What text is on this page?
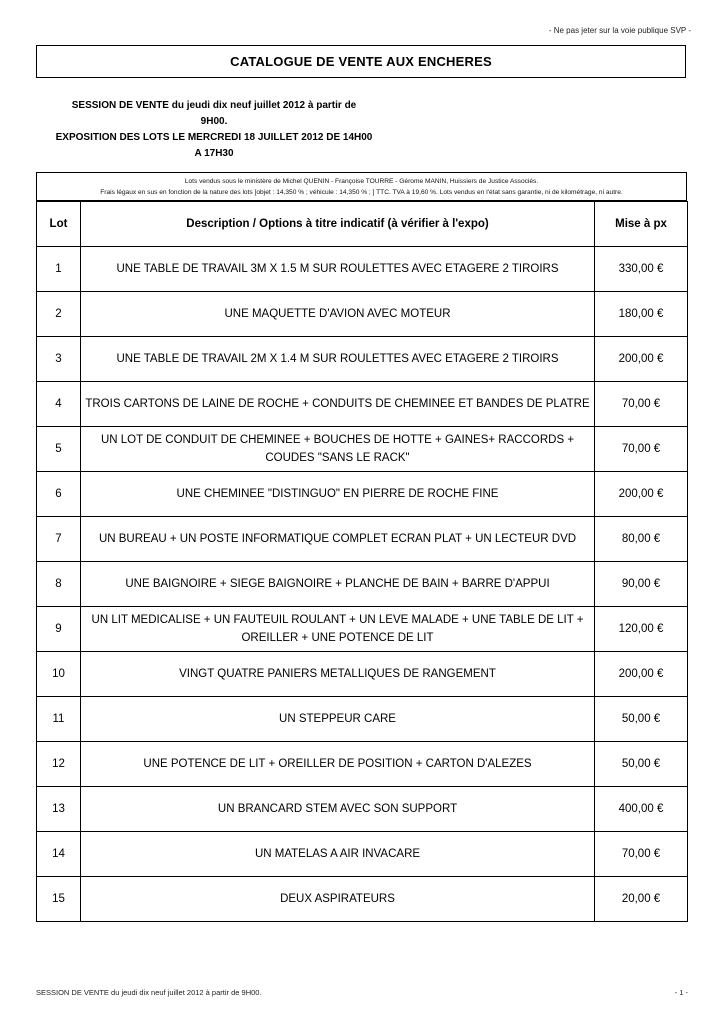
- Ne pas jeter sur la voie publique SVP -
CATALOGUE DE VENTE AUX ENCHERES
SESSION DE VENTE du jeudi dix neuf juillet 2012 à partir de
9H00.
EXPOSITION DES LOTS LE MERCREDI 18 JUILLET 2012 DE 14H00
A 17H30
Lots vendus sous le ministère de Michel QUENIN - Françoise TOURRE - Gérome MANIN, Huissiers de Justice Associés.
Frais légaux en sus en fonction de la nature des lots [objet : 14,350 % ; véhicule : 14,350 % ; ] TTC. TVA à 19,60 %. Lots vendus en l'état sans garantie, ni de kilométrage, ni autre.
Lot	Description / Options à titre indicatif (à vérifier à l'expo)	Mise à px
1	UNE TABLE DE TRAVAIL 3M X 1.5 M SUR ROULETTES AVEC ETAGERE 2 TIROIRS	330,00 €
2	UNE MAQUETTE D'AVION AVEC MOTEUR	180,00 €
3	UNE TABLE DE TRAVAIL 2M X 1.4 M SUR ROULETTES AVEC ETAGERE 2 TIROIRS	200,00 €
4	TROIS CARTONS DE LAINE DE ROCHE + CONDUITS DE CHEMINEE ET BANDES DE PLATRE	70,00 €
5	UN LOT DE CONDUIT DE CHEMINEE + BOUCHES DE HOTTE + GAINES+ RACCORDS + COUDES "SANS LE RACK"	70,00 €
6	UNE CHEMINEE "DISTINGUO" EN PIERRE DE ROCHE FINE	200,00 €
7	UN BUREAU + UN POSTE INFORMATIQUE COMPLET ECRAN PLAT + UN LECTEUR DVD	80,00 €
8	UNE BAIGNOIRE + SIEGE BAIGNOIRE + PLANCHE DE BAIN + BARRE D'APPUI	90,00 €
9	UN LIT MEDICALISE + UN FAUTEUIL ROULANT + UN LEVE MALADE + UNE TABLE DE LIT + OREILLER + UNE POTENCE DE LIT	120,00 €
10	VINGT QUATRE PANIERS METALLIQUES DE RANGEMENT	200,00 €
11	UN STEPPEUR CARE	50,00 €
12	UNE POTENCE DE LIT + OREILLER DE POSITION + CARTON D'ALEZES	50,00 €
13	UN BRANCARD STEM AVEC SON SUPPORT	400,00 €
14	UN MATELAS A AIR INVACARE	70,00 €
15	DEUX ASPIRATEURS	20,00 €
SESSION DE VENTE du jeudi dix neuf juillet 2012 à partir de 9H00.	- 1 -
